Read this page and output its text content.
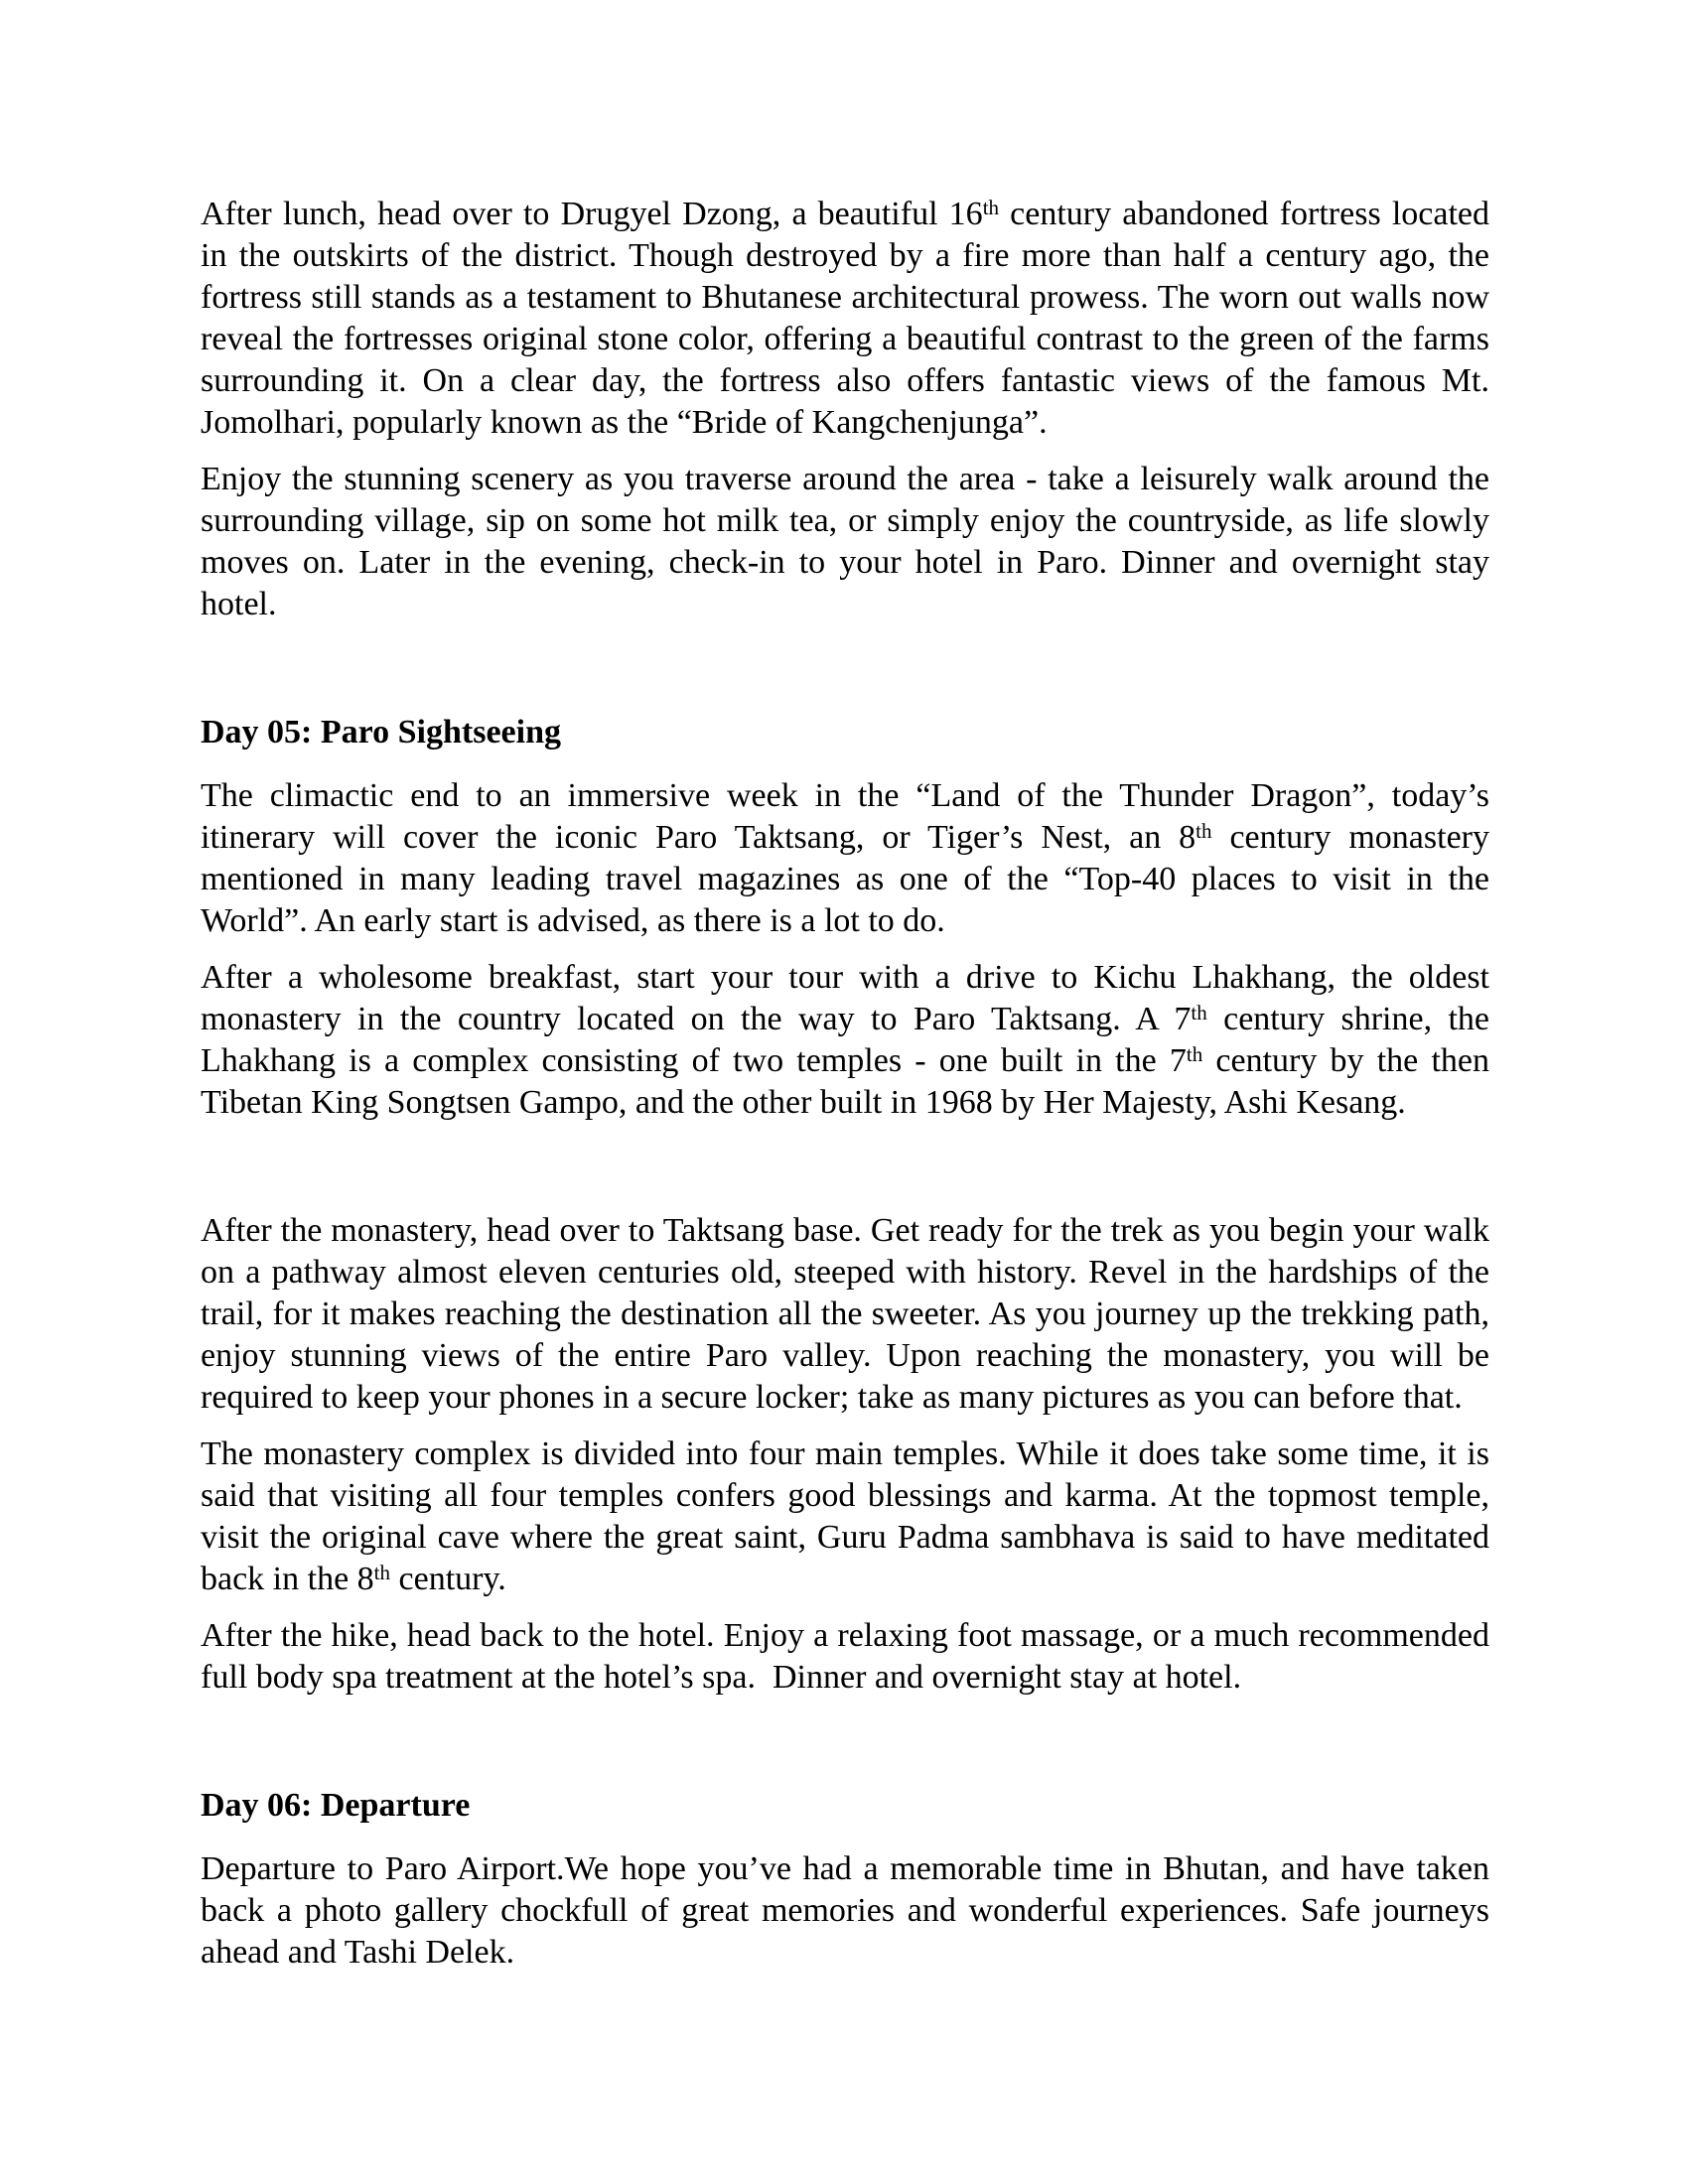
After lunch, head over to Drugyel Dzong, a beautiful 16th century abandoned fortress located in the outskirts of the district. Though destroyed by a fire more than half a century ago, the fortress still stands as a testament to Bhutanese architectural prowess. The worn out walls now reveal the fortresses original stone color, offering a beautiful contrast to the green of the farms surrounding it. On a clear day, the fortress also offers fantastic views of the famous Mt. Jomolhari, popularly known as the “Bride of Kangchenjunga”.

Enjoy the stunning scenery as you traverse around the area - take a leisurely walk around the surrounding village, sip on some hot milk tea, or simply enjoy the countryside, as life slowly moves on. Later in the evening, check-in to your hotel in Paro. Dinner and overnight stay hotel.

Day 05: Paro Sightseeing

The climactic end to an immersive week in the “Land of the Thunder Dragon”, today’s itinerary will cover the iconic Paro Taktsang, or Tiger’s Nest, an 8th century monastery mentioned in many leading travel magazines as one of the “Top-40 places to visit in the World”. An early start is advised, as there is a lot to do.

After a wholesome breakfast, start your tour with a drive to Kichu Lhakhang, the oldest monastery in the country located on the way to Paro Taktsang. A 7th century shrine, the Lhakhang is a complex consisting of two temples - one built in the 7th century by the then Tibetan King Songtsen Gampo, and the other built in 1968 by Her Majesty, Ashi Kesang.

After the monastery, head over to Taktsang base. Get ready for the trek as you begin your walk on a pathway almost eleven centuries old, steeped with history. Revel in the hardships of the trail, for it makes reaching the destination all the sweeter. As you journey up the trekking path, enjoy stunning views of the entire Paro valley. Upon reaching the monastery, you will be required to keep your phones in a secure locker; take as many pictures as you can before that.

The monastery complex is divided into four main temples. While it does take some time, it is said that visiting all four temples confers good blessings and karma. At the topmost temple, visit the original cave where the great saint, Guru Padma sambhava is said to have meditated back in the 8th century.

After the hike, head back to the hotel. Enjoy a relaxing foot massage, or a much recommended full body spa treatment at the hotel’s spa.  Dinner and overnight stay at hotel.

Day 06: Departure

Departure to Paro Airport.We hope you’ve had a memorable time in Bhutan, and have taken back a photo gallery chockfull of great memories and wonderful experiences. Safe journeys ahead and Tashi Delek.
